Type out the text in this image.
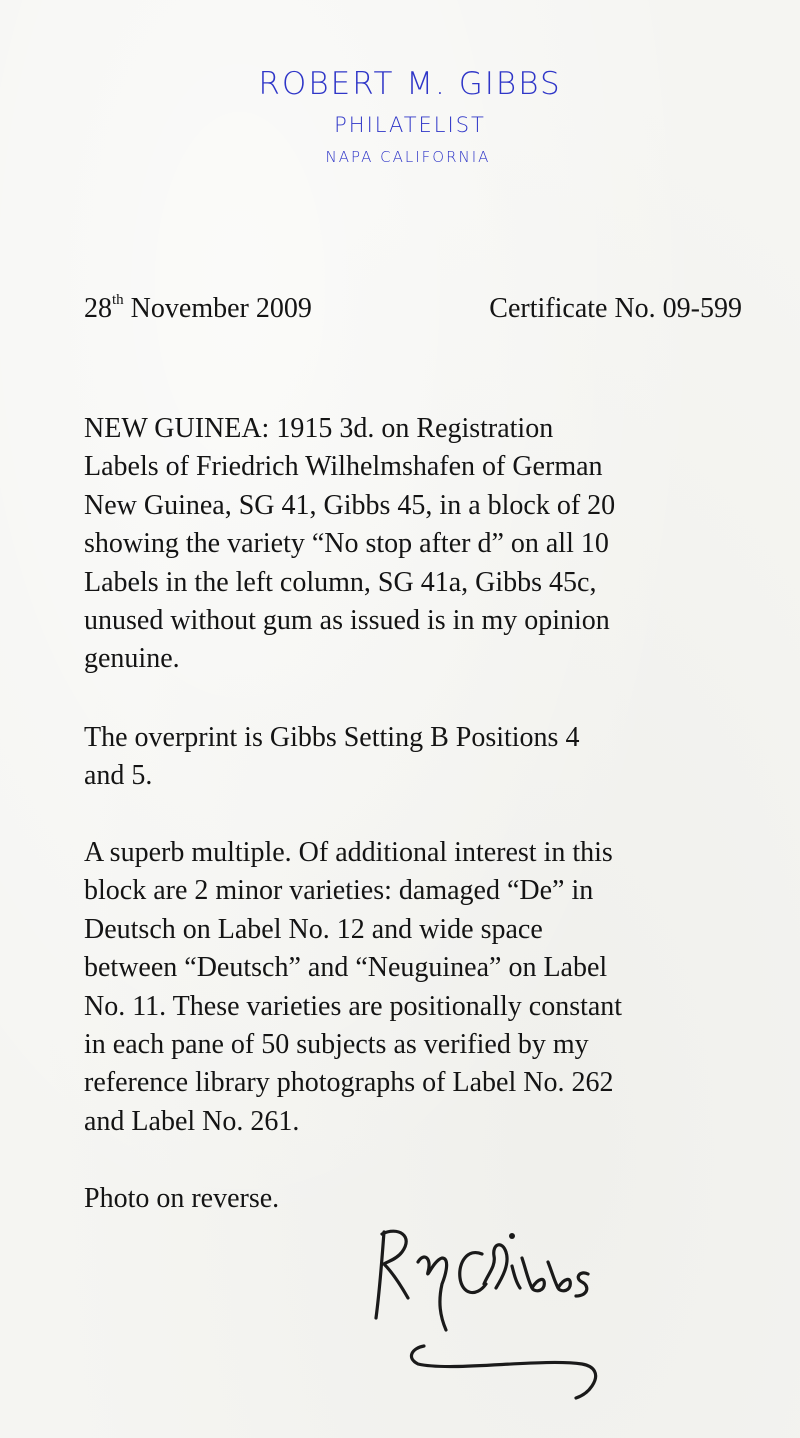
ROBERT M. GIBBS
PHILATELIST
NAPA CALIFORNIA
28th November 2009	Certificate No. 09-599

NEW GUINEA: 1915 3d. on Registration
Labels of Friedrich Wilhelmshafen of German
New Guinea, SG 41, Gibbs 45, in a block of 20
showing the variety “No stop after d” on all 10
Labels in the left column, SG 41a, Gibbs 45c,
unused without gum as issued is in my opinion
genuine.

The overprint is Gibbs Setting B Positions 4
and 5.

A superb multiple. Of additional interest in this
block are 2 minor varieties: damaged “De” in
Deutsch on Label No. 12 and wide space
between “Deutsch” and “Neuguinea” on Label
No. 11. These varieties are positionally constant
in each pane of 50 subjects as verified by my
reference library photographs of Label No. 262
and Label No. 261.

Photo on reverse.
